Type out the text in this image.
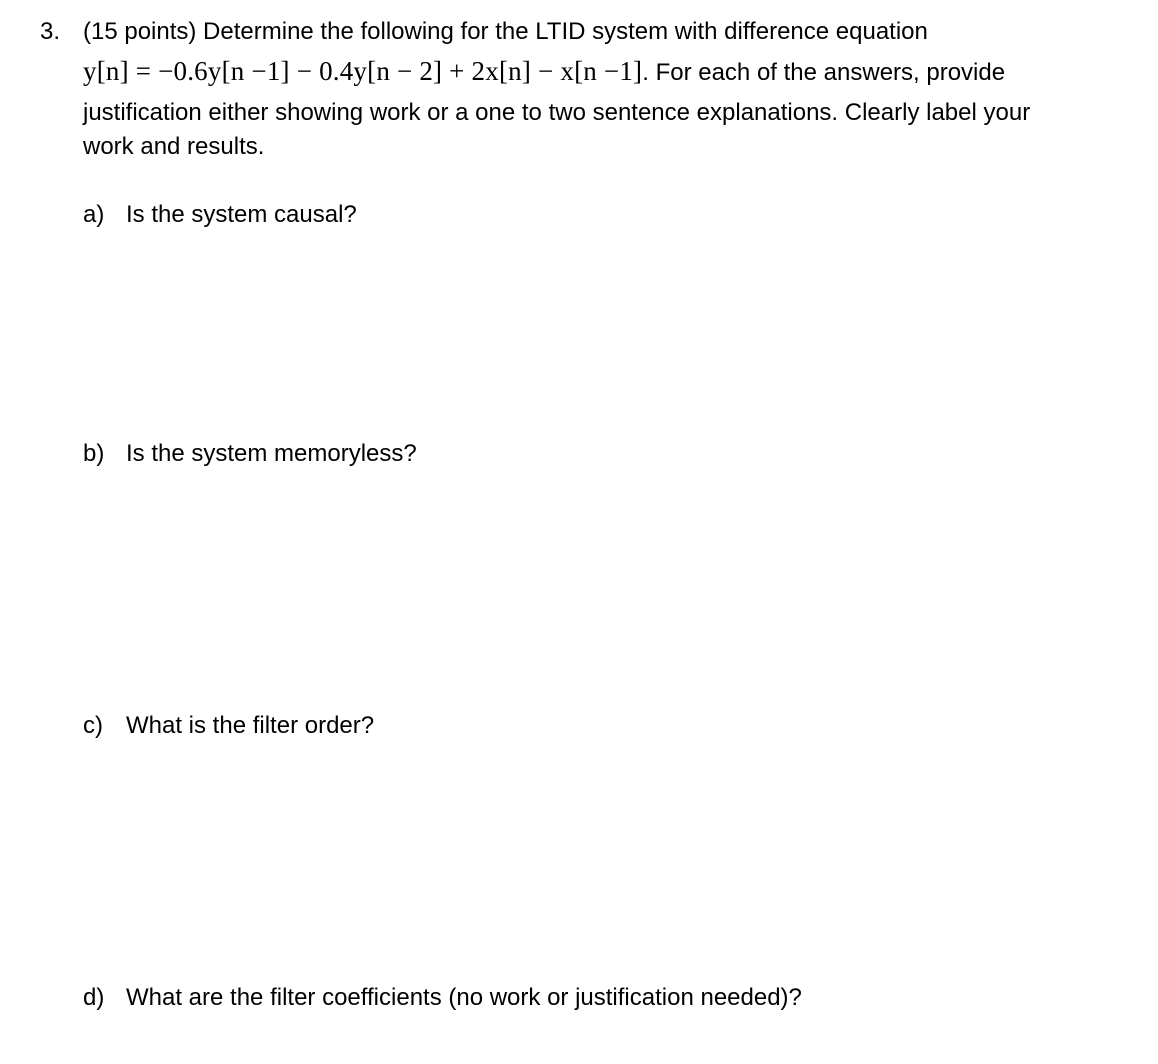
3. (15 points) Determine the following for the LTID system with difference equation
y[n] = −0.6y[n −1] − 0.4y[n − 2] + 2x[n] − x[n −1]. For each of the answers, provide
justification either showing work or a one to two sentence explanations. Clearly label your
work and results.
a) Is the system causal?
b) Is the system memoryless?
c) What is the filter order?
d) What are the filter coefficients (no work or justification needed)?
